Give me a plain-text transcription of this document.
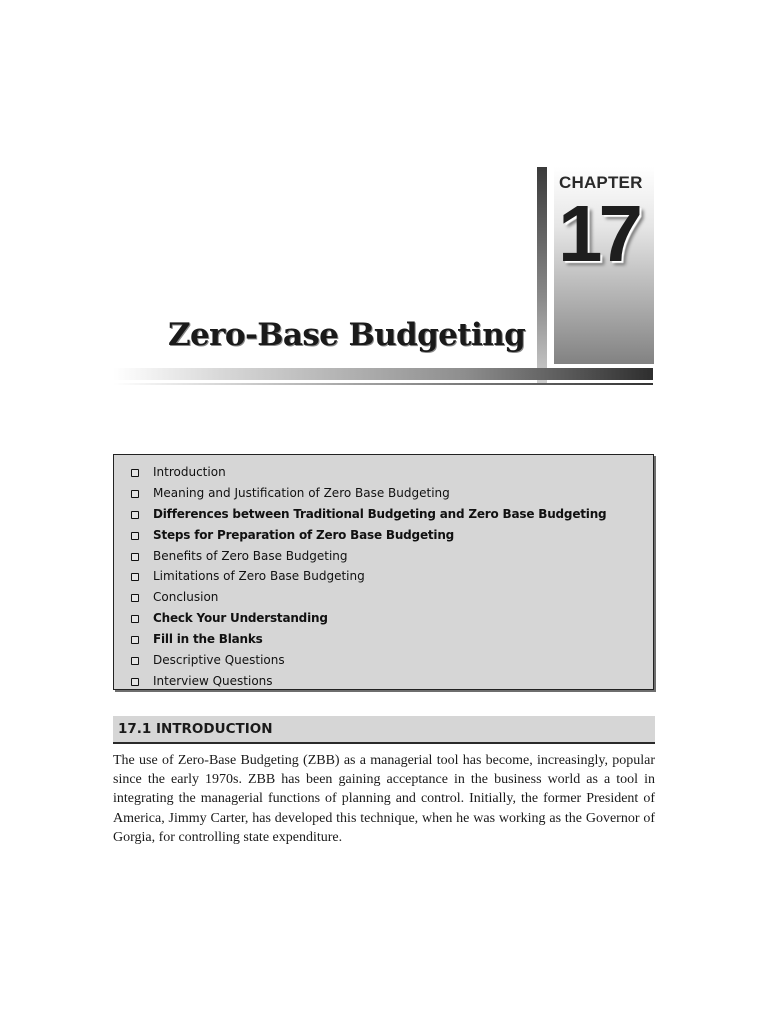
CHAPTER
17
Zero-Base Budgeting
Introduction
Meaning and Justification of Zero Base Budgeting
Differences between Traditional Budgeting and Zero Base Budgeting
Steps for Preparation of Zero Base Budgeting
Benefits of Zero Base Budgeting
Limitations of Zero Base Budgeting
Conclusion
Check Your Understanding
Fill in the Blanks
Descriptive Questions
Interview Questions
17.1 INTRODUCTION

The use of Zero-Base Budgeting (ZBB) as a managerial tool has become, increasingly, popular since the early 1970s. ZBB has been gaining acceptance in the business world as a tool in integrating the managerial functions of planning and control. Initially, the former President of America, Jimmy Carter, has developed this technique, when he was working as the Governor of Gorgia, for controlling state expenditure.
